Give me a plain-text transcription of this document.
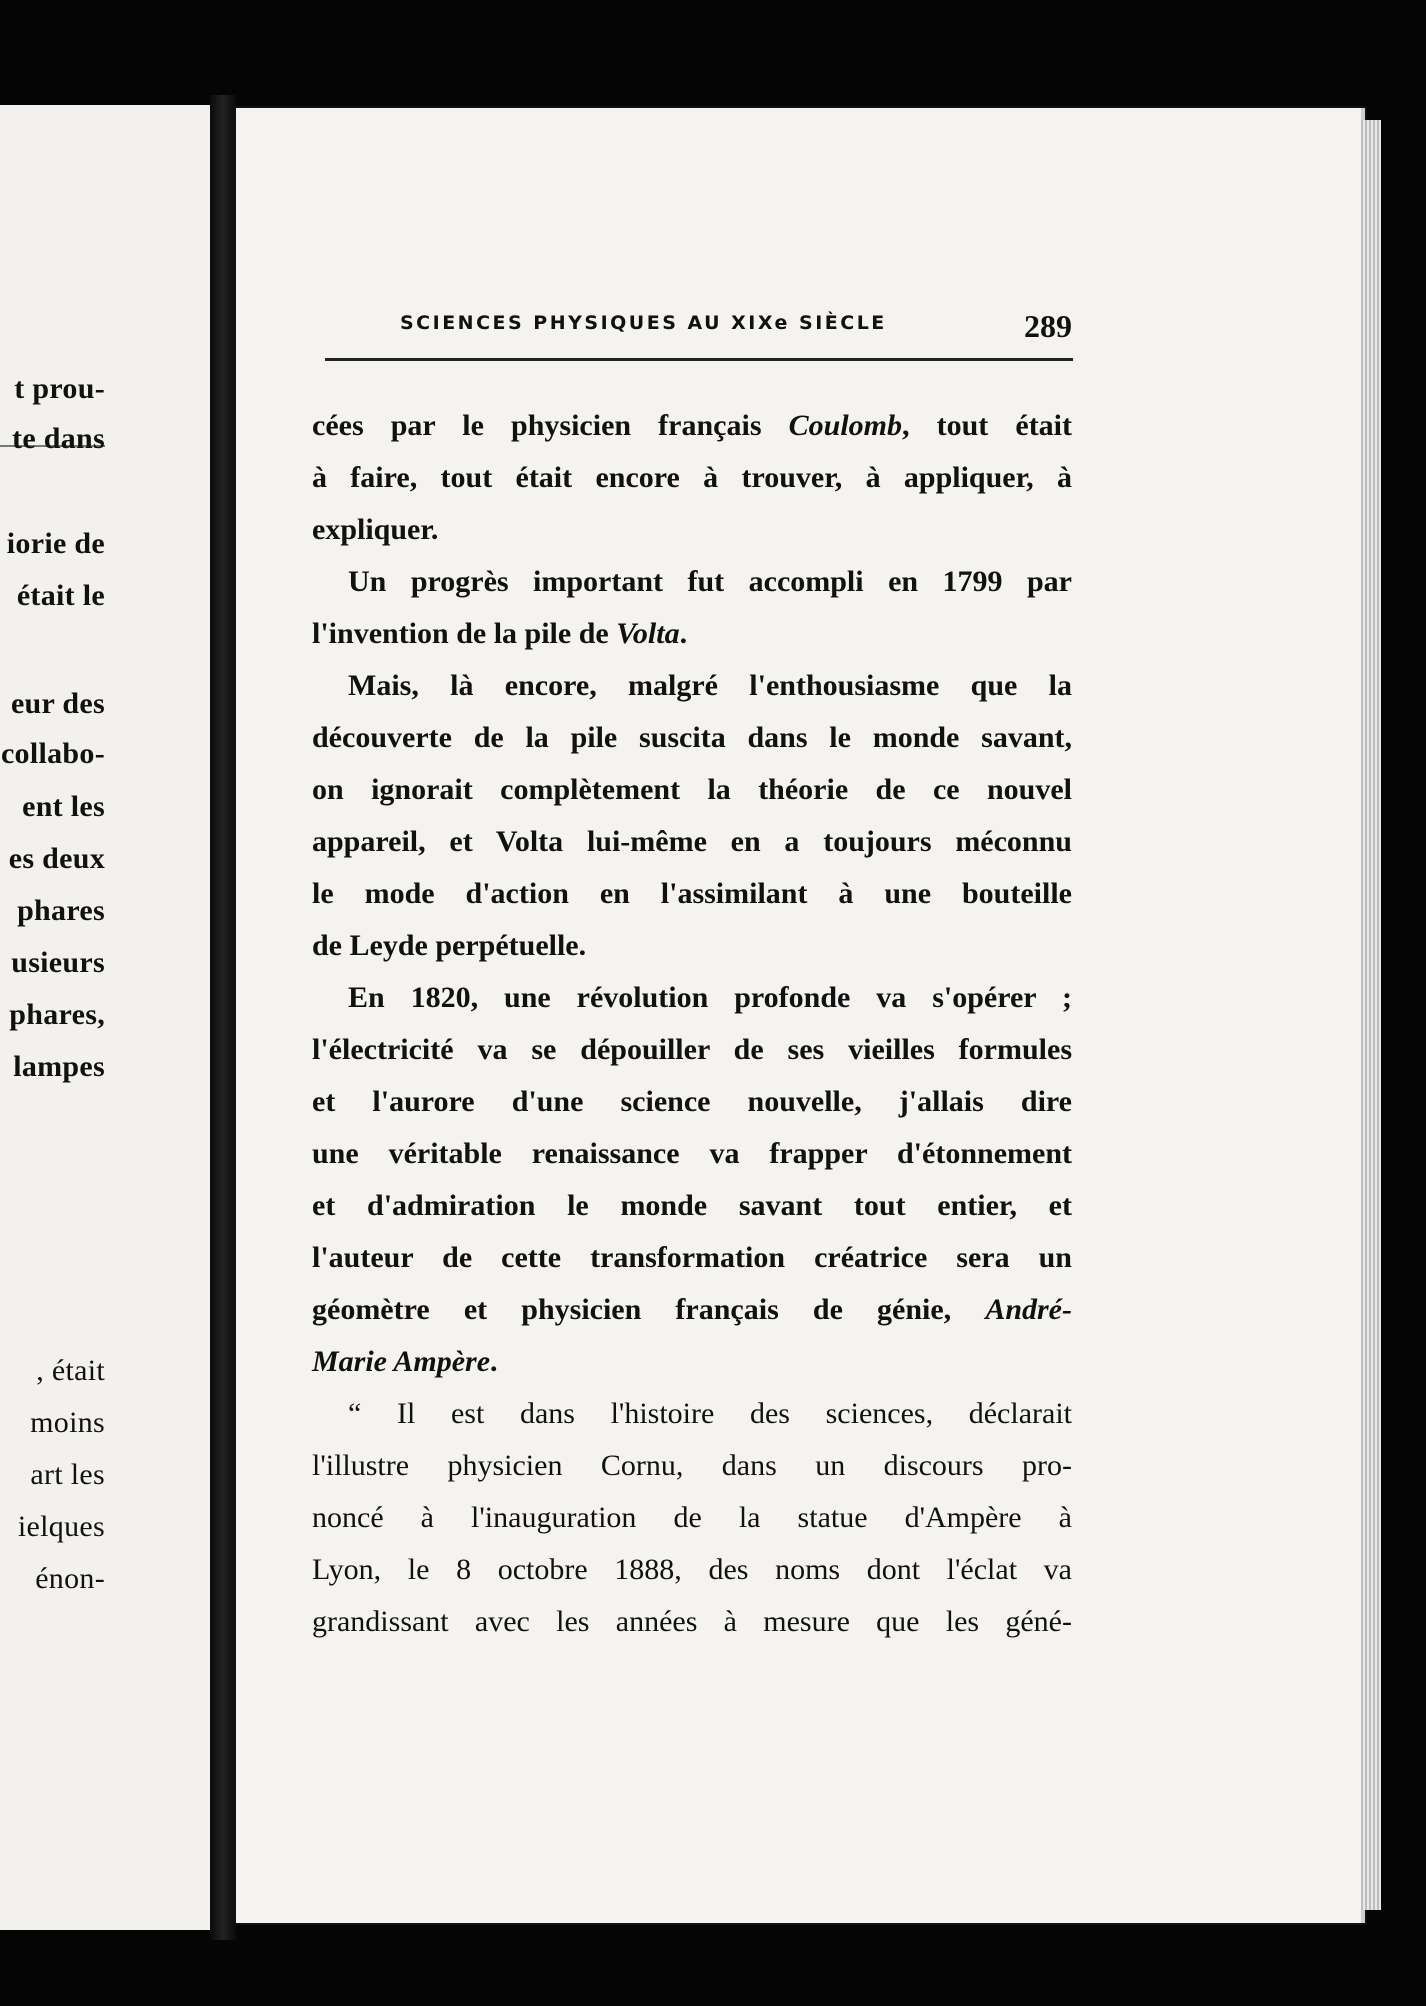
t prou-
te dans
iorie de
était le
eur des
collabo-
ent les
es deux
phares
usieurs
phares,
lampes
, était
moins
art les
ielques
énon-
SCIENCES PHYSIQUES AU XIXe SIÈCLE	289
cées par le physicien français Coulomb, tout était
à faire, tout était encore à trouver, à appliquer, à
expliquer.
Un progrès important fut accompli en 1799 par
l'invention de la pile de Volta.
Mais, là encore, malgré l'enthousiasme que la
découverte de la pile suscita dans le monde savant,
on ignorait complètement la théorie de ce nouvel
appareil, et Volta lui-même en a toujours méconnu
le mode d'action en l'assimilant à une bouteille
de Leyde perpétuelle.
En 1820, une révolution profonde va s'opérer ;
l'électricité va se dépouiller de ses vieilles formules
et l'aurore d'une science nouvelle, j'allais dire
une véritable renaissance va frapper d'étonnement
et d'admiration le monde savant tout entier, et
l'auteur de cette transformation créatrice sera un
géomètre et physicien français de génie, André-
Marie Ampère.
“ Il est dans l'histoire des sciences, déclarait
l'illustre physicien Cornu, dans un discours pro-
noncé à l'inauguration de la statue d'Ampère à
Lyon, le 8 octobre 1888, des noms dont l'éclat va
grandissant avec les années à mesure que les géné-
